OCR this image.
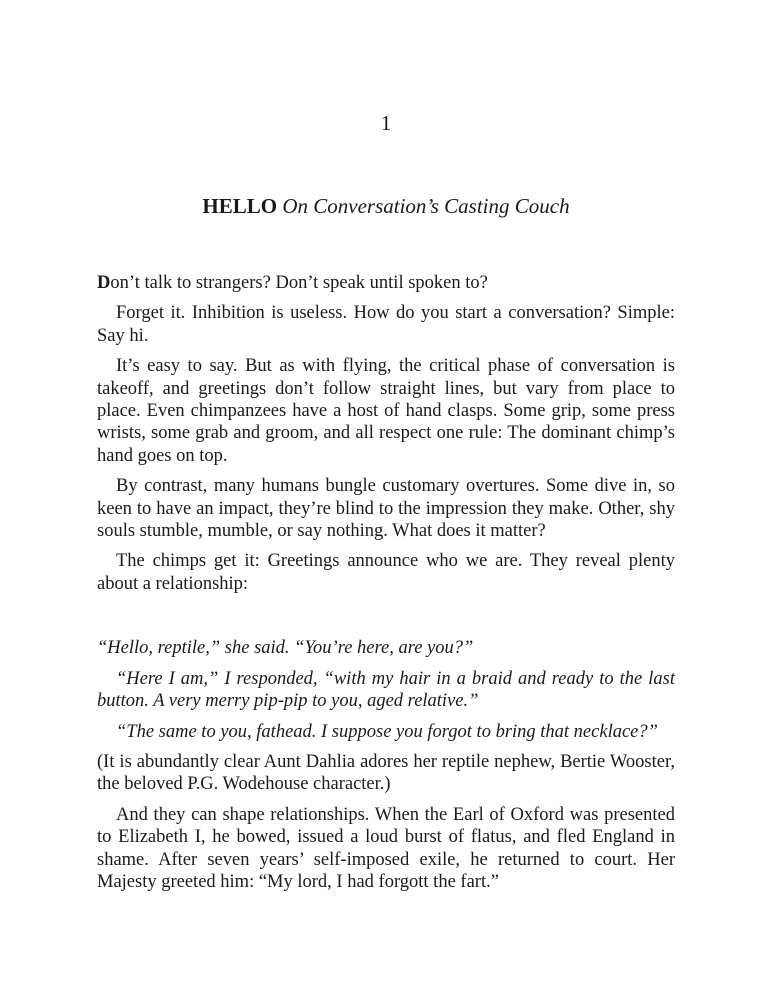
1
HELLO On Conversation’s Casting Couch

Don’t talk to strangers? Don’t speak until spoken to?

Forget it. Inhibition is useless. How do you start a conversation? Simple: Say hi.

It’s easy to say. But as with flying, the critical phase of conversation is takeoff, and greetings don’t follow straight lines, but vary from place to place. Even chimpanzees have a host of hand clasps. Some grip, some press wrists, some grab and groom, and all respect one rule: The dominant chimp’s hand goes on top.

By contrast, many humans bungle customary overtures. Some dive in, so keen to have an impact, they’re blind to the impression they make. Other, shy souls stumble, mumble, or say nothing. What does it matter?

The chimps get it: Greetings announce who we are. They reveal plenty about a relationship:

“Hello, reptile,” she said. “You’re here, are you?”

“Here I am,” I responded, “with my hair in a braid and ready to the last button. A very merry pip-pip to you, aged relative.”

“The same to you, fathead. I suppose you forgot to bring that necklace?”

(It is abundantly clear Aunt Dahlia adores her reptile nephew, Bertie Wooster, the beloved P.G. Wodehouse character.)

And they can shape relationships. When the Earl of Oxford was presented to Elizabeth I, he bowed, issued a loud burst of flatus, and fled England in shame. After seven years’ self-imposed exile, he returned to court. Her Majesty greeted him: “My lord, I had forgott the fart.”
